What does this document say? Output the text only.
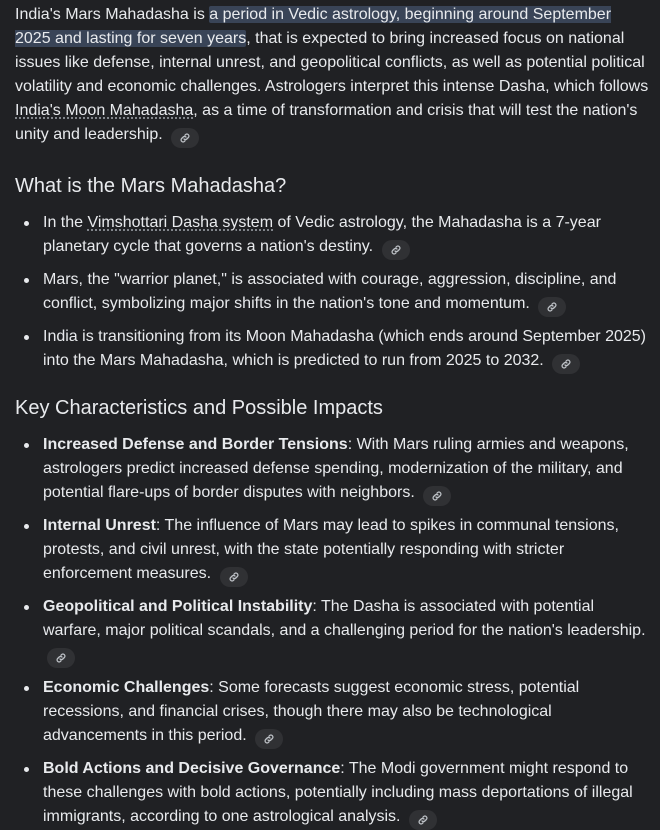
India's Mars Mahadasha is a period in Vedic astrology, beginning around September 2025 and lasting for seven years, that is expected to bring increased focus on national issues like defense, internal unrest, and geopolitical conflicts, as well as potential political volatility and economic challenges. Astrologers interpret this intense Dasha, which follows India's Moon Mahadasha, as a time of transformation and crisis that will test the nation's unity and leadership.

What is the Mars Mahadasha?
In the Vimshottari Dasha system of Vedic astrology, the Mahadasha is a 7-year planetary cycle that governs a nation's destiny.
Mars, the "warrior planet," is associated with courage, aggression, discipline, and conflict, symbolizing major shifts in the nation's tone and momentum.
India is transitioning from its Moon Mahadasha (which ends around September 2025) into the Mars Mahadasha, which is predicted to run from 2025 to 2032.
Key Characteristics and Possible Impacts
Increased Defense and Border Tensions: With Mars ruling armies and weapons, astrologers predict increased defense spending, modernization of the military, and potential flare-ups of border disputes with neighbors.
Internal Unrest: The influence of Mars may lead to spikes in communal tensions, protests, and civil unrest, with the state potentially responding with stricter enforcement measures.
Geopolitical and Political Instability: The Dasha is associated with potential warfare, major political scandals, and a challenging period for the nation's leadership.
Economic Challenges: Some forecasts suggest economic stress, potential recessions, and financial crises, though there may also be technological advancements in this period.
Bold Actions and Decisive Governance: The Modi government might respond to these challenges with bold actions, potentially including mass deportations of illegal immigrants, according to one astrological analysis.
